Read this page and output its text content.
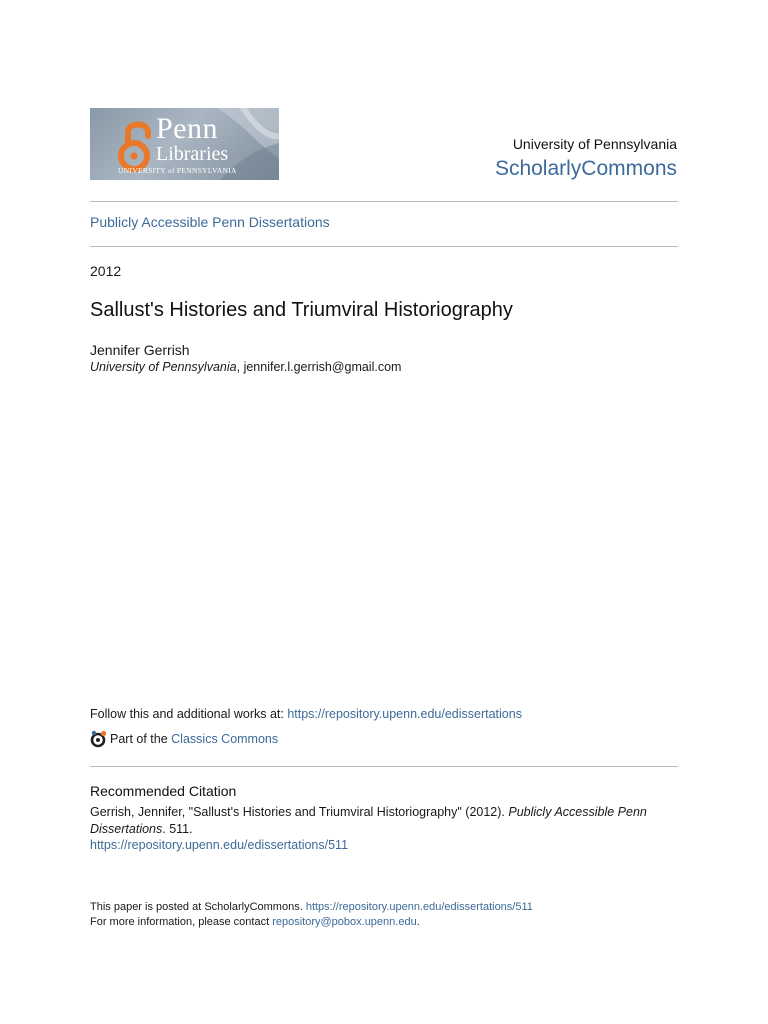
Penn
Libraries
UNIVERSITY of PENNSYLVANIA
University of Pennsylvania
ScholarlyCommons
Publicly Accessible Penn Dissertations
2012
Sallust's Histories and Triumviral Historiography
Jennifer Gerrish
University of Pennsylvania, jennifer.l.gerrish@gmail.com
Follow this and additional works at: https://repository.upenn.edu/edissertations
Part of the Classics Commons
Recommended Citation
Gerrish, Jennifer, "Sallust's Histories and Triumviral Historiography" (2012). Publicly Accessible Penn Dissertations. 511.
https://repository.upenn.edu/edissertations/511
This paper is posted at ScholarlyCommons. https://repository.upenn.edu/edissertations/511
For more information, please contact repository@pobox.upenn.edu.
